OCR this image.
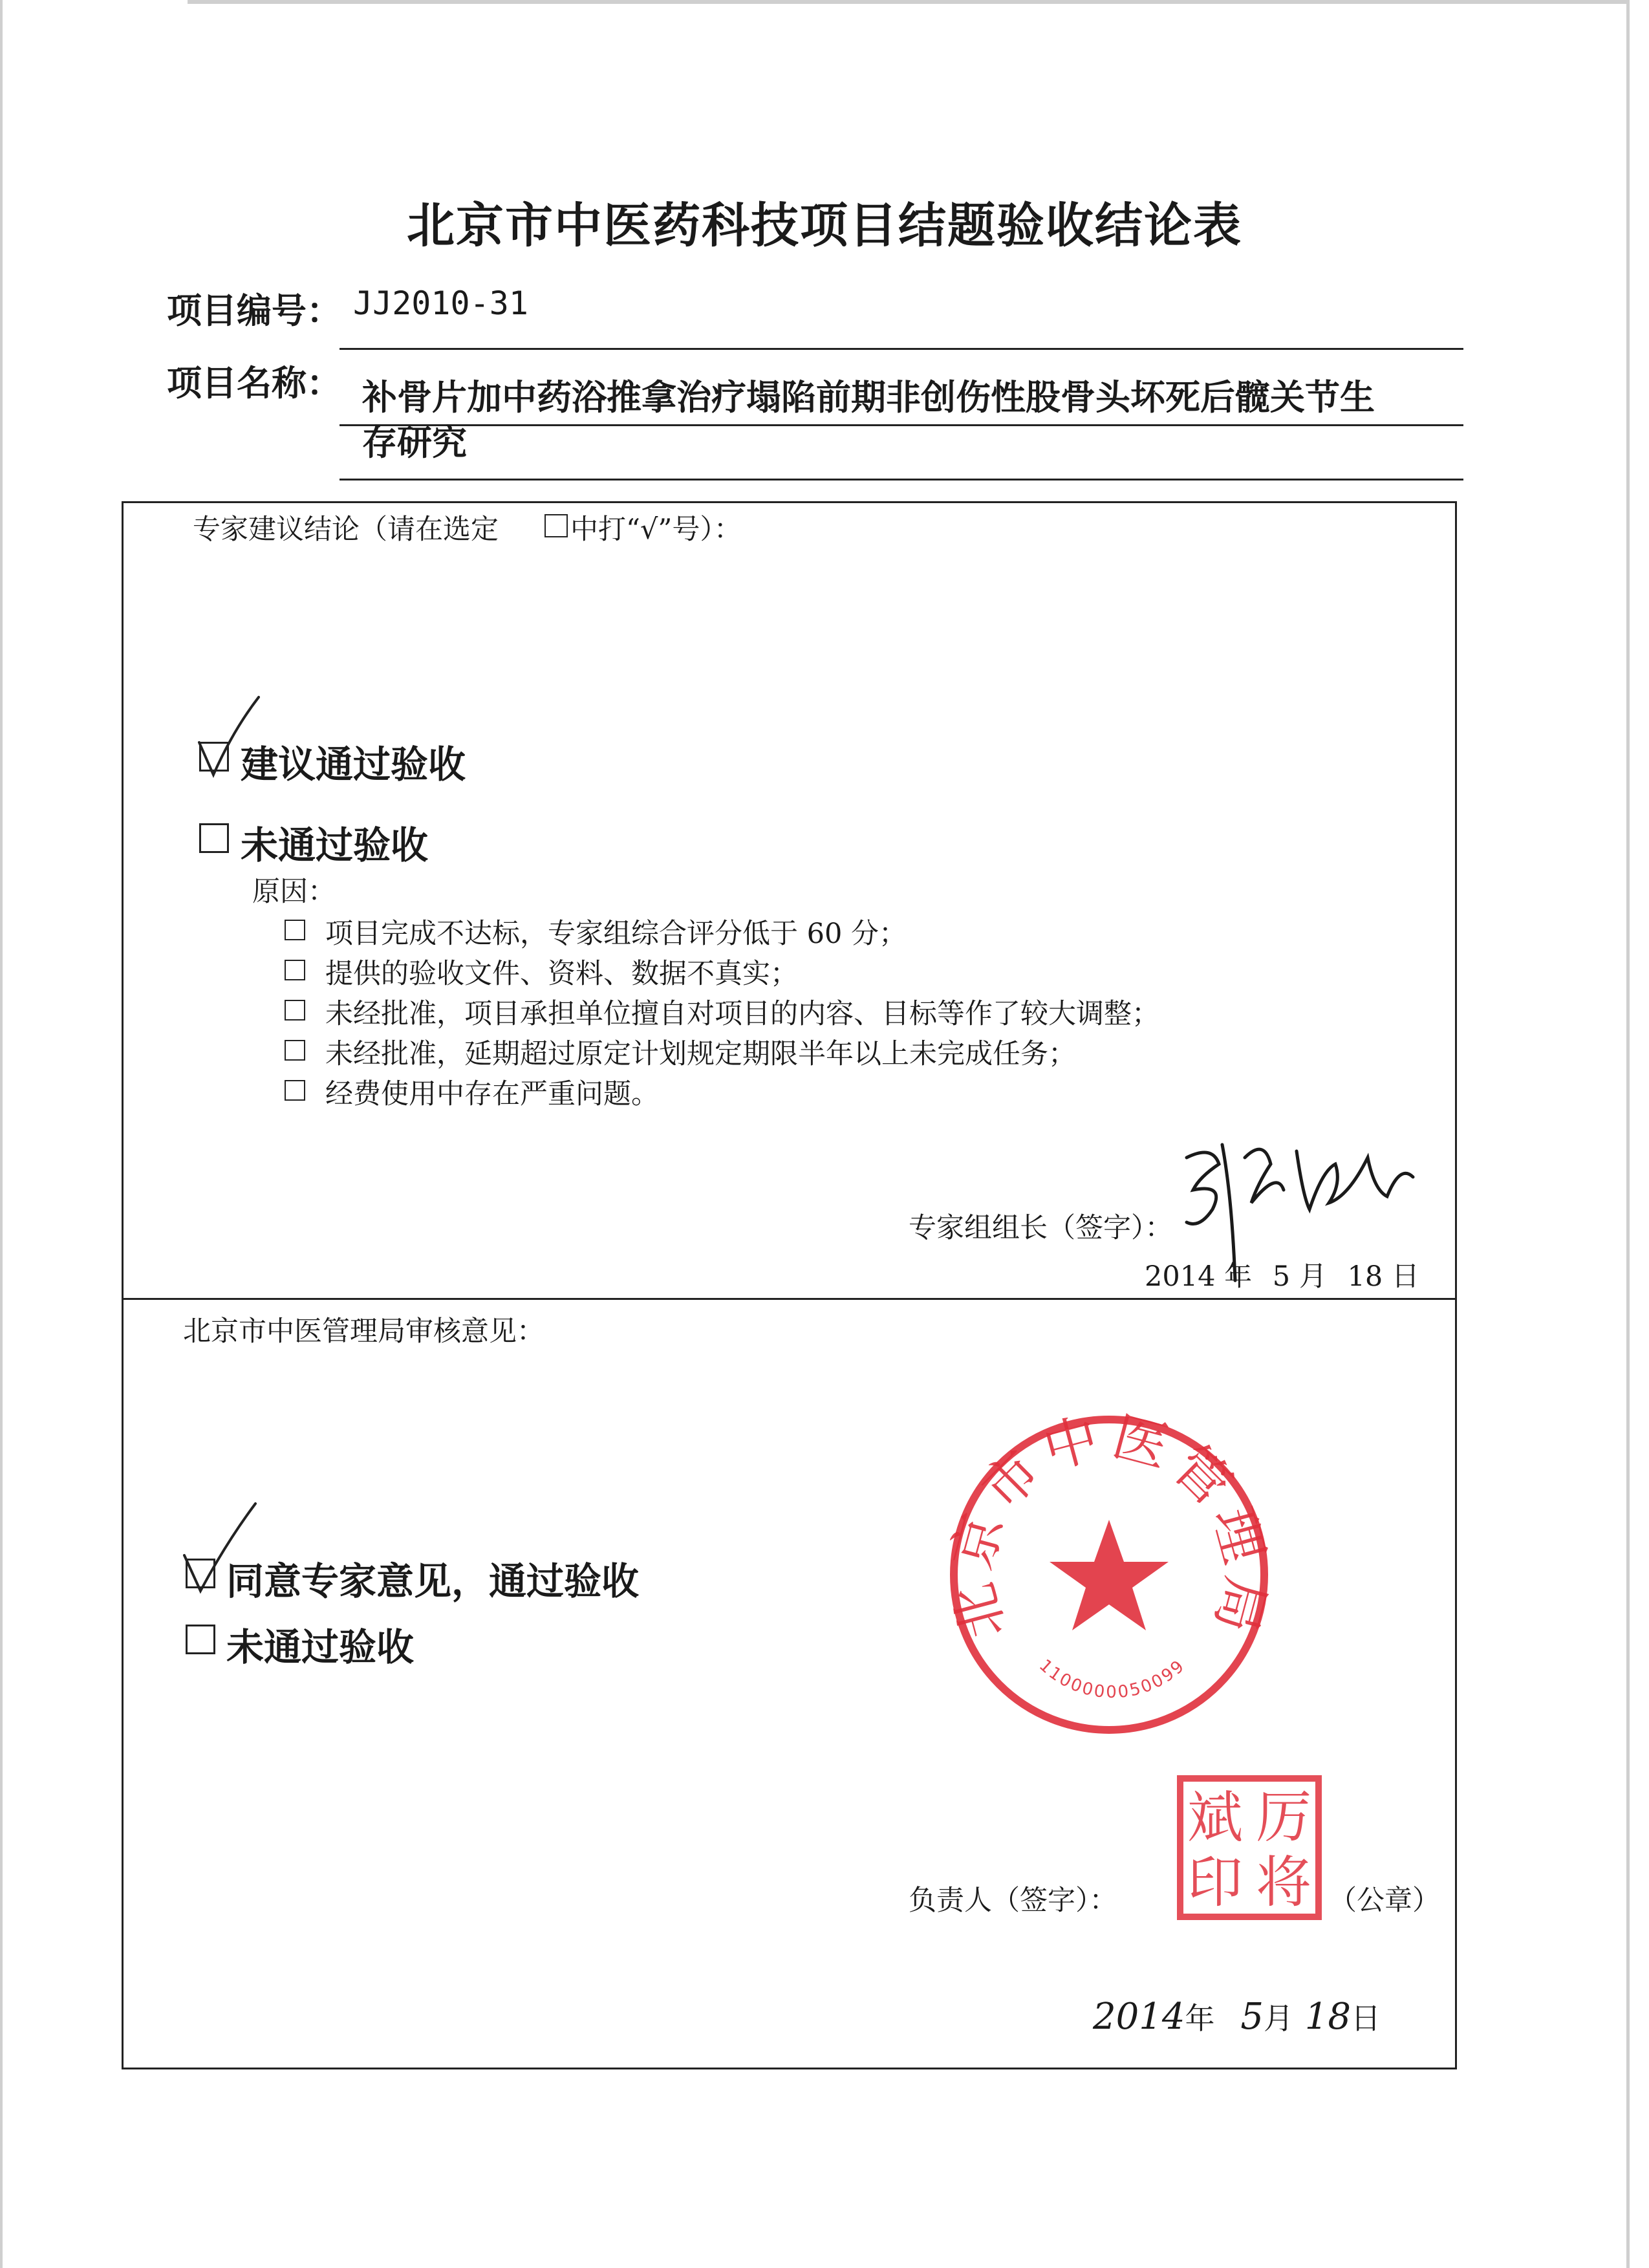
北京市中医药科技项目结题验收结论表
项目编号： JJ2010-31
项目名称： 补骨片加中药浴推拿治疗塌陷前期非创伤性股骨头坏死后髋关节生
存研究
专家建议结论（请在选定	中打“√”号）：
建议通过验收
未通过验收
原因：
项目完成不达标，专家组综合评分低于 60 分；
提供的验收文件、资料、数据不真实；
未经批准，项目承担单位擅自对项目的内容、目标等作了较大调整；
未经批准，延期超过原定计划规定期限半年以上未完成任务；
经费使用中存在严重问题。
专家组组长（签字）：
2014 年 5 月 18 日
北京市中医管理局审核意见：
同意专家意见，通过验收
未通过验收
北京市中医管理局
1100000050099
厉
将
斌
印
负责人（签字）：	（公章）
2014年 5月 18日
